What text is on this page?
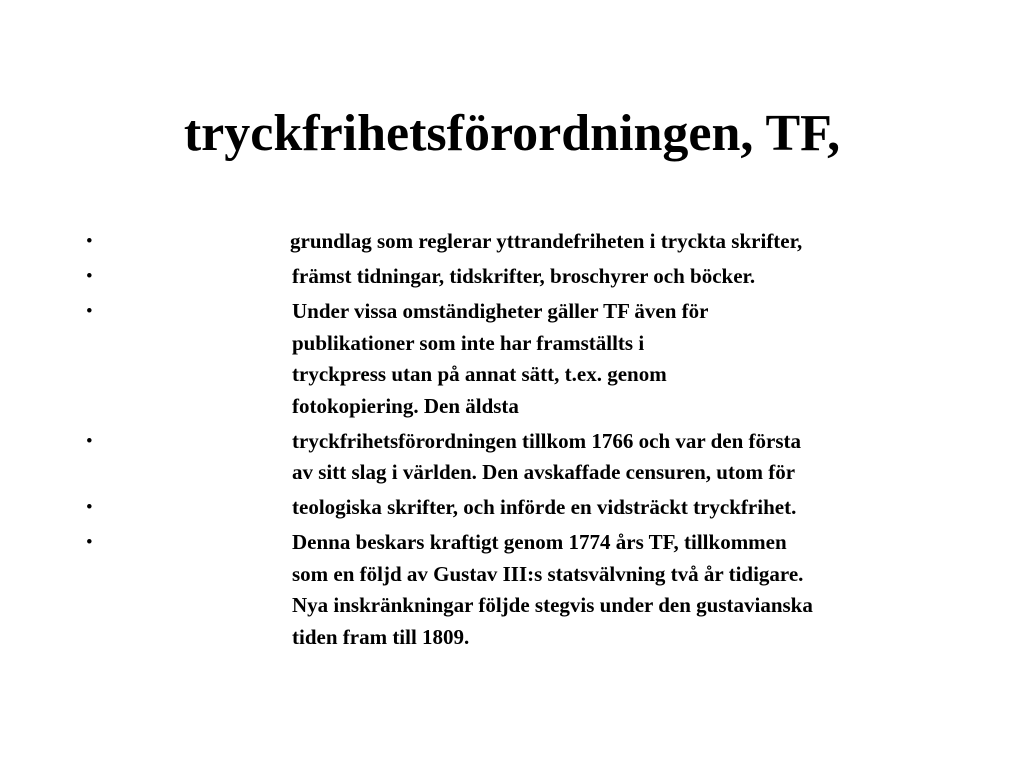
tryckfrihetsförordningen, TF,
•	grundlag som reglerar yttrandefriheten i tryckta skrifter,
•	främst tidningar, tidskrifter, broschyrer och böcker.
•	Under vissa omständigheter gäller TF även för
publikationer som inte har framställts i
tryckpress utan på annat sätt, t.ex. genom
fotokopiering. Den äldsta
•	tryckfrihetsförordningen tillkom 1766 och var den första
av sitt slag i världen. Den avskaffade censuren, utom för
•	teologiska skrifter, och införde en vidsträckt tryckfrihet.
•	Denna beskars kraftigt genom 1774 års TF, tillkommen
som en följd av Gustav III:s statsvälvning två år tidigare.
Nya inskränkningar följde stegvis under den gustavianska
tiden fram till 1809.
